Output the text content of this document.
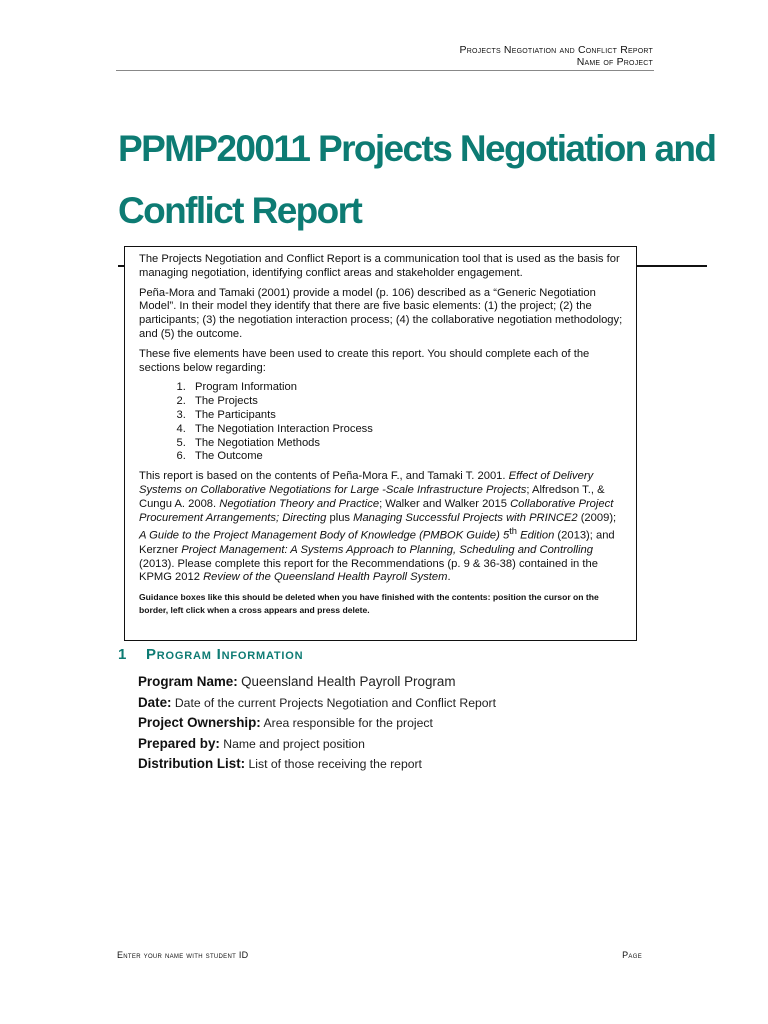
Projects Negotiation and Conflict Report
Name of Project
PPMP20011 Projects Negotiation and Conflict Report

The Projects Negotiation and Conflict Report is a communication tool that is used as the basis for managing negotiation, identifying conflict areas and stakeholder engagement.

Peña-Mora and Tamaki (2001) provide a model (p. 106) described as a “Generic Negotiation Model”. In their model they identify that there are five basic elements: (1) the project; (2) the participants; (3) the negotiation interaction process; (4) the collaborative negotiation methodology; and (5) the outcome.

These five elements have been used to create this report. You should complete each of the sections below regarding:

1. Program Information
2. The Projects
3. The Participants
4. The Negotiation Interaction Process
5. The Negotiation Methods
6. The Outcome

This report is based on the contents of Peña-Mora F., and Tamaki T. 2001. Effect of Delivery Systems on Collaborative Negotiations for Large -Scale Infrastructure Projects; Alfredson T., & Cungu A. 2008. Negotiation Theory and Practice; Walker and Walker 2015 Collaborative Project Procurement Arrangements; Directing plus Managing Successful Projects with PRINCE2 (2009); A Guide to the Project Management Body of Knowledge (PMBOK Guide) 5th Edition (2013); and Kerzner Project Management: A Systems Approach to Planning, Scheduling and Controlling (2013). Please complete this report for the Recommendations (p. 9 & 36-38) contained in the KPMG 2012 Review of the Queensland Health Payroll System.

Guidance boxes like this should be deleted when you have finished with the contents: position the cursor on the border, left click when a cross appears and press delete.

1 Program Information
Program Name: Queensland Health Payroll Program
Date: Date of the current Projects Negotiation and Conflict Report
Project Ownership: Area responsible for the project
Prepared by: Name and project position
Distribution List: List of those receiving the report
Enter your name with student ID	Page
